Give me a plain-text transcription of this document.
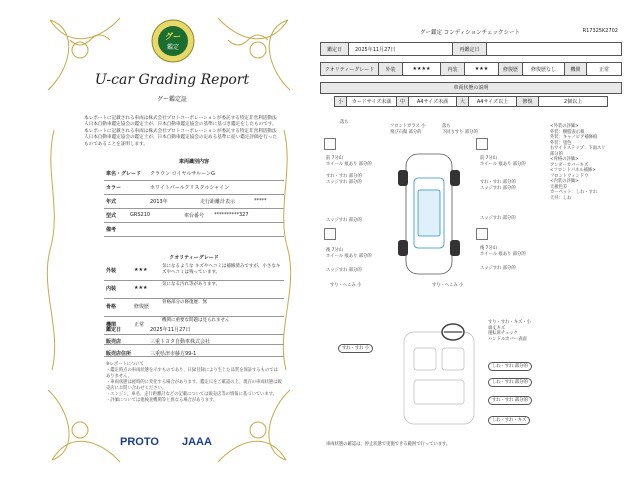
グー
鑑定
U-car Grading Report
グー鑑定証
本レポートに記載される車両は株式会社プロトコーポレーションが委託する特定非営利活動法人日本自動車鑑定協会の鑑定士が、日本自動車鑑定協会の基準に基づき鑑定をしたものです。本レポートに記載される車両は株式会社プロトコーポレーションが委託する特定非営利活動法人日本自動車鑑定協会の鑑定士が、日本自動車鑑定協会の定める基準に従い鑑定評価を行ったものであることを証明します。
車両識別内容
車名・グレード クラウン ロイヤルサルーンG
カラー	ホワイトパールクリスタルシャイン
年式	2013年	走行距離計表示	*****
型式	GRS210	車台番号 **********327
備考
クオリティーグレード
外装	★★★
気になるような キズやヘコミは補修済みですが、小さなキズやヘコミは残っています。
内装	★★★
気になる汚れ等があります。
骨格	修復歴
骨格部分の修復歴：無
機関	正常
機関に重要な問題は見られません
鑑定日	2025年11月27日
販売店	三重トヨタ自動車株式会社
販売店住所	三重県津市藤方99-1
※レポートについて
・鑑定時点の車両状態を示すものであり、日録目録により生じた品質を保証するものではありません。
・車両状態は経時的に変化する場合があります。鑑定日をご確認の上、現在の車両状態は販売店にお問い合わせください。
・エンジン、車名、走行距離計などの記載については販売店等の情報に基づいています。
・評価については他検査機関等と異なる場合があります。
PROTO JAAA
グー鑑定 コンディションチェックシート	R17325K2702
鑑定日	2025年11月27日	再鑑定日
クオリティーグレード	外装	★★★★	内装	★★★	修復歴	修復歴なし	機関	正常
車両状態の説明
小	カードサイズ未満	中	A4サイズ未満	大	A4サイズ以上	修復	2個以上
落ち
フロントガラス 小
飛び石傷 部分的
落ち
下回りすり 部分的
前 7分山
ホイール 痕あり 部分的
前 7分山
ホイール 痕あり 部分的
すれ・すれ 部分的
エッジすれ 部分的	すれ・すれ 部分的
エッジすれ 部分的
エッジすれ 部分的	エッジすれ 部分的
後 7分山
ホイール 痕あり 部分的
後 7分山
ホイール 痕あり 部分的
エッジすれ 部分的	エッジすれ 部分的
すり・へこみ 小	すり・へこみ 小
<外装の評価>
外装：樹脂表示相
外装：キャノピア補修痕
外装：塗色
右サイドステップ：下面スリ
部分的
<骨格の評価>
アンダーカバーキズ
<フロントパネル補修>
フロントウィンドウ
<内装の評価>
天板色差
カーペット：しわ・すれ
天井：しわ
すり・すれ・キズ・小
頑丈キズ
運転席チェック
ハンドルカバー表面
すれ・すれ 小
しわ・すれ 部分的
しわ・すれ 部分的
すれ・すれ 部分的
しわ・すれ・キズ
車両状態の確認は、停止状態で実施できる範囲で行っています。
